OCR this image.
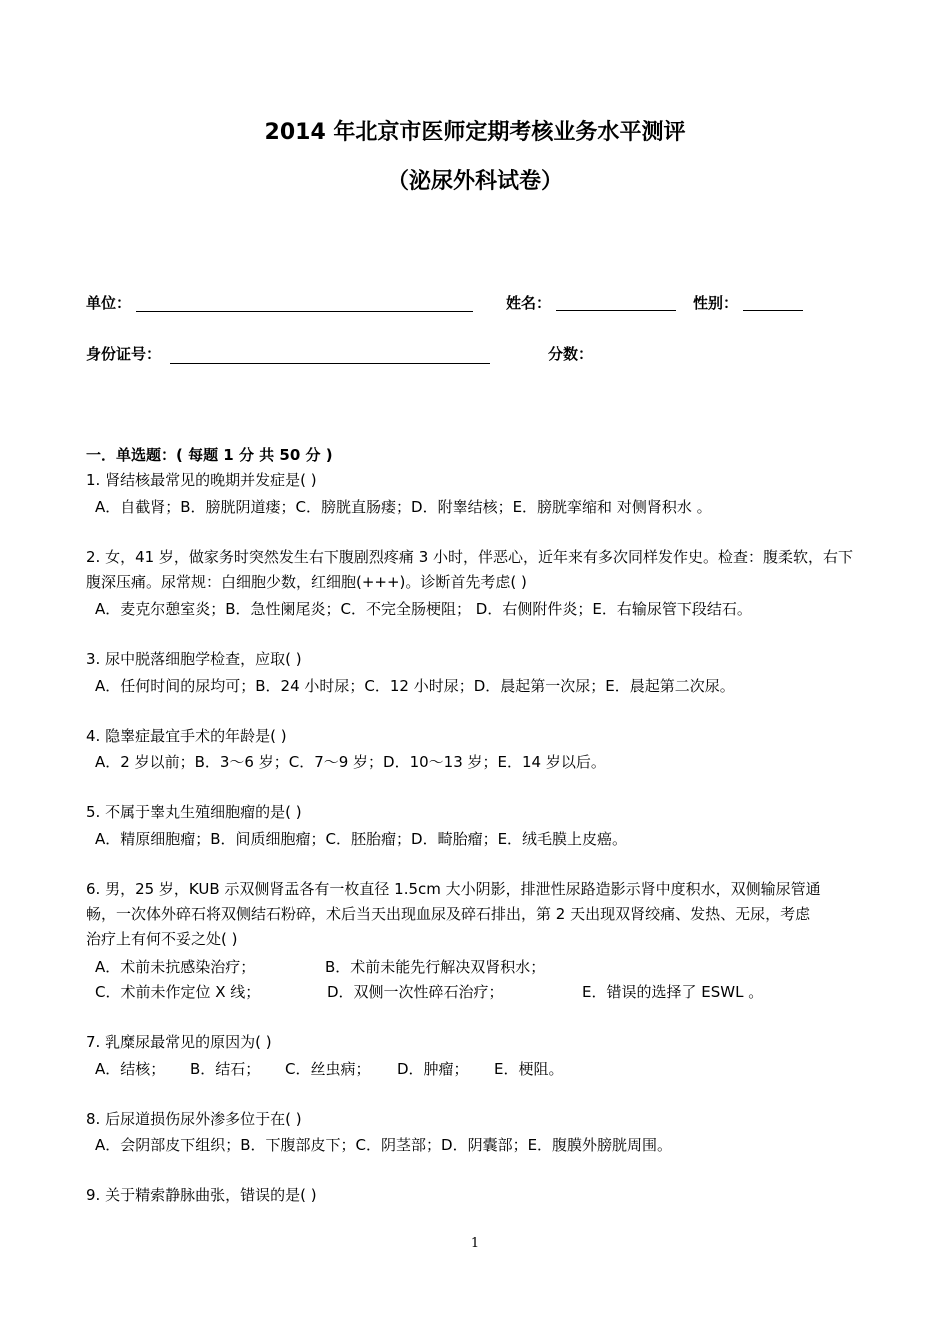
2014 年北京市医师定期考核业务水平测评
（泌尿外科试卷）
单位：	姓名：	性别：
身份证号：	分数：
一．单选题：( 每题 1 分 共 50 分 )
1. 肾结核最常见的晚期并发症是( )
A．自截肾；B．膀胱阴道瘘；C．膀胱直肠瘘；D．附睾结核；E．膀胱挛缩和 对侧肾积水 。
2. 女，41 岁，做家务时突然发生右下腹剧烈疼痛 3 小时，伴恶心，近年来有多次同样发作史。检查：腹柔软，右下
腹深压痛。尿常规：白细胞少数，红细胞(+++)。诊断首先考虑( )
A．麦克尔憩室炎；B．急性阑尾炎；C．不完全肠梗阻； D．右侧附件炎；E．右输尿管下段结石。
3. 尿中脱落细胞学检查，应取( )
A．任何时间的尿均可；B．24 小时尿；C．12 小时尿；D．晨起第一次尿；E．晨起第二次尿。
4. 隐睾症最宜手术的年龄是( )
A．2 岁以前；B．3～6 岁；C．7～9 岁；D．10～13 岁；E．14 岁以后。
5. 不属于睾丸生殖细胞瘤的是( )
A．精原细胞瘤；B．间质细胞瘤；C．胚胎瘤；D．畸胎瘤；E．绒毛膜上皮癌。
6. 男，25 岁，KUB 示双侧肾盂各有一枚直径 1.5cm 大小阴影，排泄性尿路造影示肾中度积水，双侧输尿管通
畅，一次体外碎石将双侧结石粉碎，术后当天出现血尿及碎石排出，第 2 天出现双肾绞痛、发热、无尿，考虑
治疗上有何不妥之处( )
A．术前未抗感染治疗；	B．术前未能先行解决双肾积水；
C．术前未作定位 X 线；	D．双侧一次性碎石治疗；	E．错误的选择了 ESWL 。
7. 乳糜尿最常见的原因为( )
A．结核； B．结石； C．丝虫病； D．肿瘤； E．梗阻。
8. 后尿道损伤尿外渗多位于在( )
A．会阴部皮下组织；B．下腹部皮下；C．阴茎部；D．阴囊部；E．腹膜外膀胱周围。
9. 关于精索静脉曲张，错误的是( )
1
